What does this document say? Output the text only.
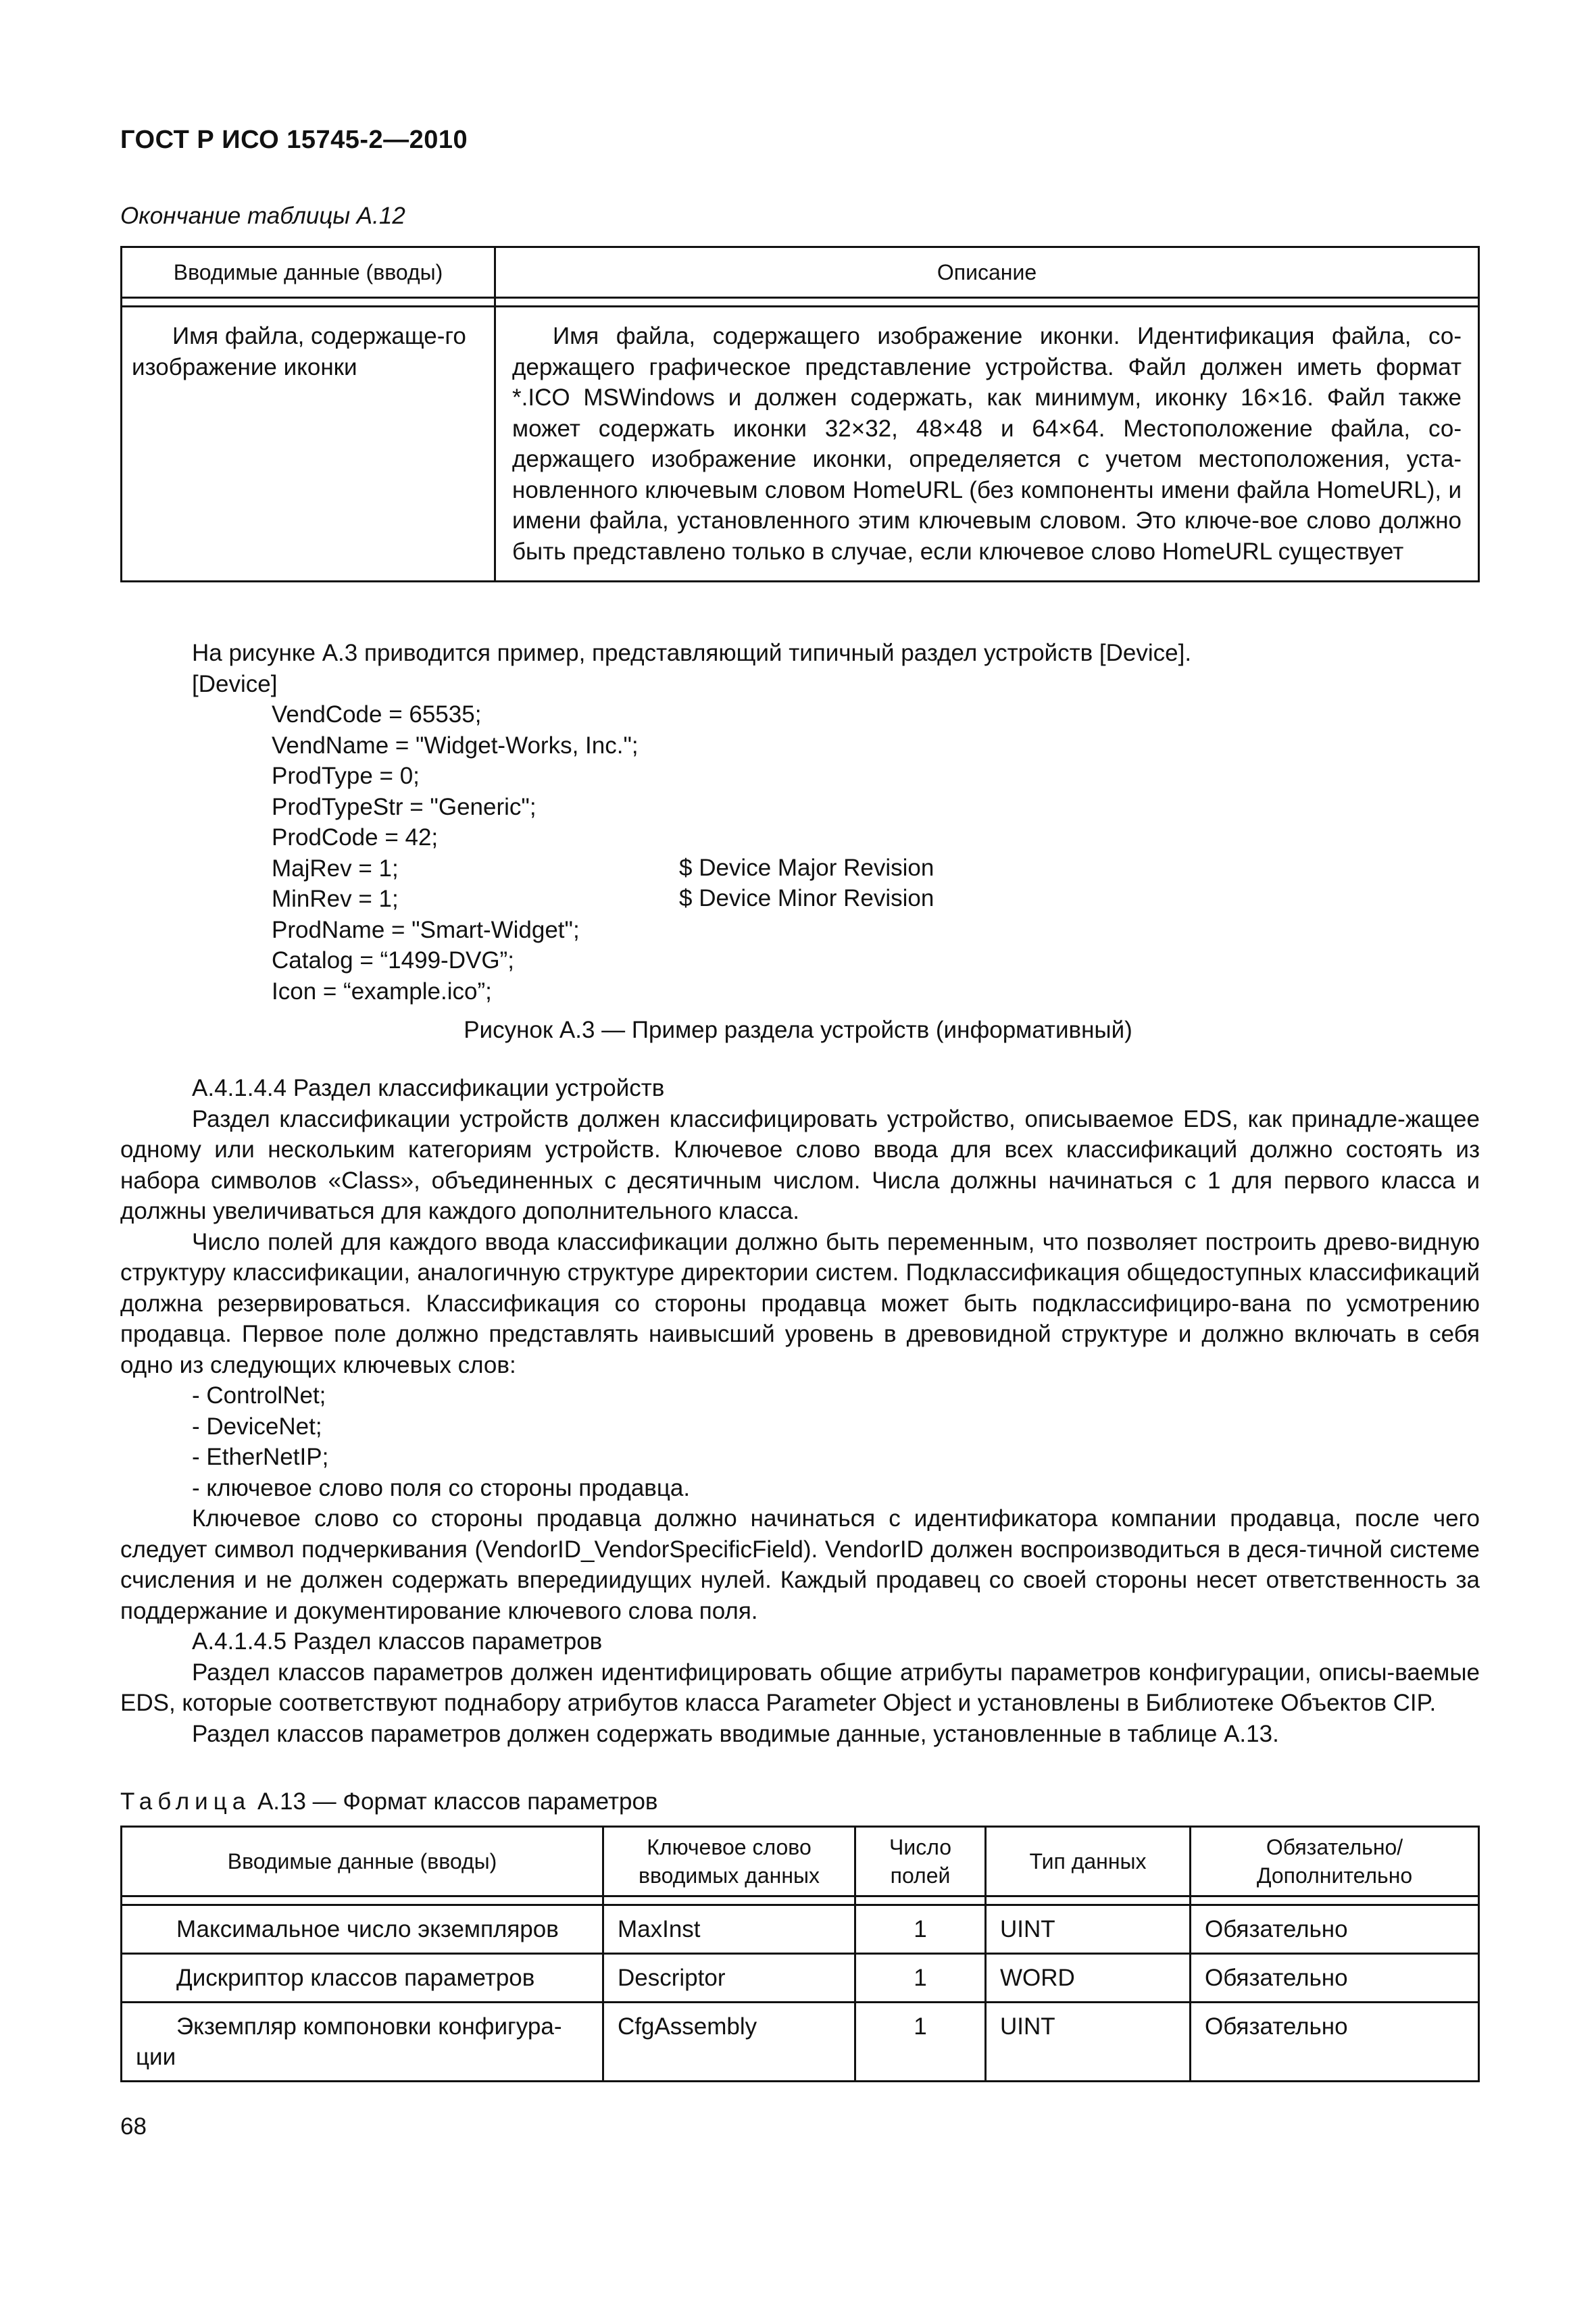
ГОСТ Р ИСО 15745-2—2010
Окончание таблицы А.12
Вводимые данные (вводы)	Описание

Имя файла, содержаще-го изображение иконки	Имя файла, содержащего изображение иконки. Идентификация файла, со-держащего графическое представление устройства. Файл должен иметь формат *.ICO MSWindows и должен содержать, как минимум, иконку 16×16. Файл также может содержать иконки 32×32, 48×48 и 64×64. Местоположение файла, со-держащего изображение иконки, определяется с учетом местоположения, уста-новленного ключевым словом HomeURL (без компоненты имени файла HomeURL), и имени файла, установленного этим ключевым словом. Это ключе-вое слово должно быть представлено только в случае, если ключевое слово HomeURL существует

На рисунке А.3 приводится пример, представляющий типичный раздел устройств [Device].

[Device]

VendCode = 65535;
VendName = "Widget-Works, Inc.";
ProdType = 0;
ProdTypeStr = "Generic";
ProdCode = 42;
MajRev = 1;
MinRev = 1;
ProdName = "Smart-Widget";
Catalog = “1499-DVG”;
Icon = “example.ico”;
$ Device Major Revision
$ Device Minor Revision
Рисунок А.3 — Пример раздела устройств (информативный)

А.4.1.4.4 Раздел классификации устройств

Раздел классификации устройств должен классифицировать устройство, описываемое EDS, как принадле-жащее одному или нескольким категориям устройств. Ключевое слово ввода для всех классификаций должно состоять из набора символов «Class», объединенных с десятичным числом. Числа должны начинаться с 1 для первого класса и должны увеличиваться для каждого дополнительного класса.

Число полей для каждого ввода классификации должно быть переменным, что позволяет построить древо-видную структуру классификации, аналогичную структуре директории систем. Подклассификация общедоступных классификаций должна резервироваться. Классификация со стороны продавца может быть подклассифициро-вана по усмотрению продавца. Первое поле должно представлять наивысший уровень в древовидной структуре и должно включать в себя одно из следующих ключевых слов:

- ControlNet;

- DeviceNet;

- EtherNetIP;

- ключевое слово поля со стороны продавца.

Ключевое слово со стороны продавца должно начинаться с идентификатора компании продавца, после чего следует символ подчеркивания (VendorID_VendorSpecificField). VendorID должен воспроизводиться в деся-тичной системе счисления и не должен содержать впередиидущих нулей. Каждый продавец со своей стороны несет ответственность за поддержание и документирование ключевого слова поля.

А.4.1.4.5 Раздел классов параметров

Раздел классов параметров должен идентифицировать общие атрибуты параметров конфигурации, описы-ваемые EDS, которые соответствуют поднабору атрибутов класса Parameter Object и установлены в Библиотеке Объектов CIP.

Раздел классов параметров должен содержать вводимые данные, установленные в таблице А.13.

Таблица А.13 — Формат классов параметров
Вводимые данные (вводы)	Ключевое слово вводимых данных	Число полей	Тип данных	Обязательно/ Дополнительно

Максимальное число экземпляров	MaxInst	1	UINT	Обязательно
Дискриптор классов параметров	Descriptor	1	WORD	Обязательно
Экземпляр компоновки конфигура-ции	CfgAssembly	1	UINT	Обязательно
68
